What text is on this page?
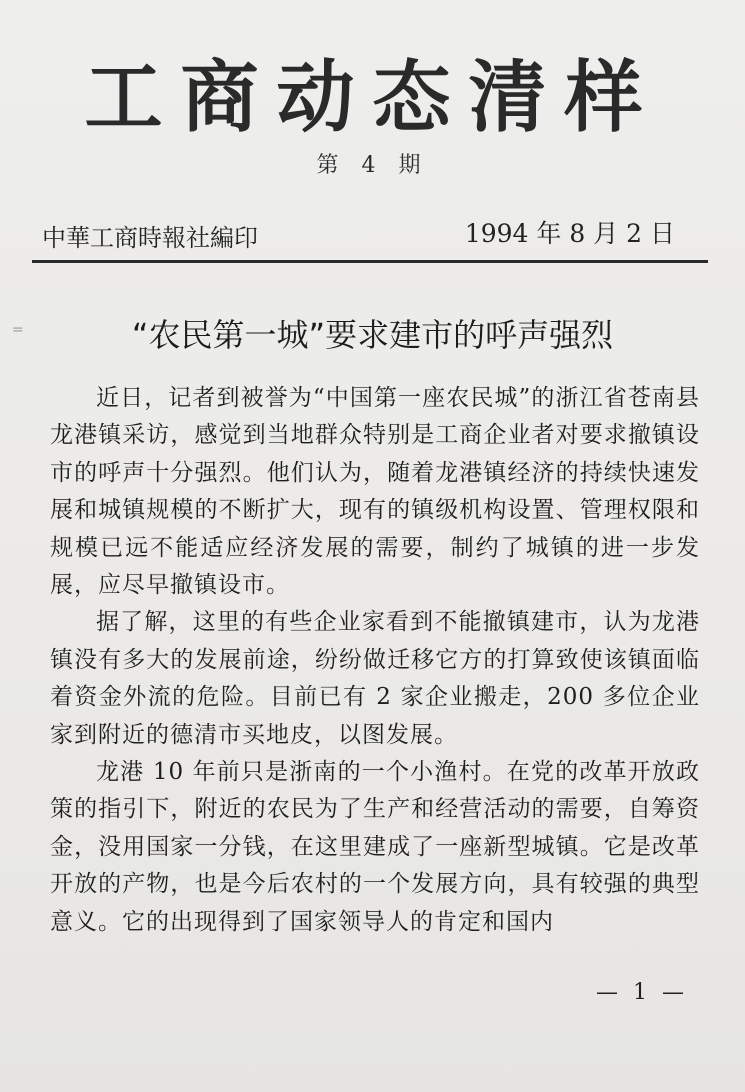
工商动态清样
第 4 期
中華工商時報社編印	1994 年 8 月 2 日
=	“农民第一城”要求建市的呼声强烈

近日，记者到被誉为“中国第一座农民城”的浙江省苍南县龙港镇采访，感觉到当地群众特别是工商企业者对要求撤镇设市的呼声十分强烈。他们认为，随着龙港镇经济的持续快速发展和城镇规模的不断扩大，现有的镇级机构设置、管理权限和规模已远不能适应经济发展的需要，制约了城镇的进一步发展，应尽早撤镇设市。

据了解，这里的有些企业家看到不能撤镇建市，认为龙港镇没有多大的发展前途，纷纷做迁移它方的打算致使该镇面临着资金外流的危险。目前已有 2 家企业搬走，200 多位企业家到附近的德清市买地皮，以图发展。

龙港 10 年前只是浙南的一个小渔村。在党的改革开放政策的指引下，附近的农民为了生产和经营活动的需要，自筹资金，没用国家一分钱，在这里建成了一座新型城镇。它是改革开放的产物，也是今后农村的一个发展方向，具有较强的典型意义。它的出现得到了国家领导人的肯定和国内

— 1 —
